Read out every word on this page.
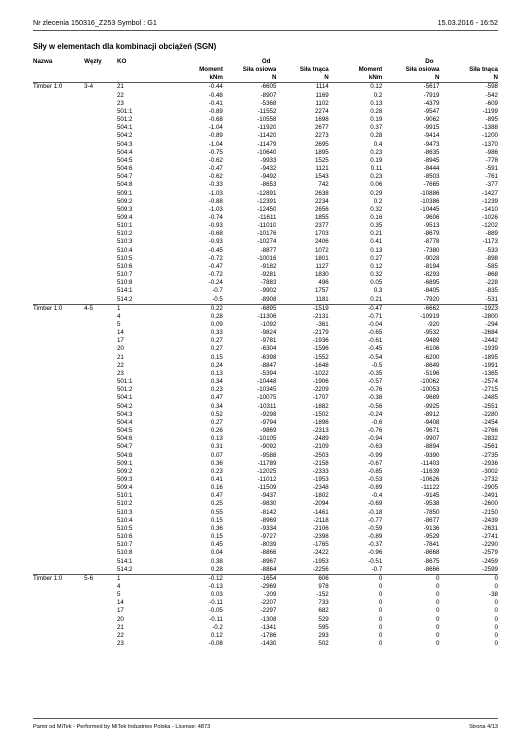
Nr zlecenia 150316_Z253 Symbol : G1	15.03.2016 - 16:52
Siły w elementach dla kombinacji obciążeń (SGN)
Nazwa	Węzły	KO	Od			Do		
			Moment	Siła osiowa	Siła tnąca	Moment	Siła osiowa	Siła tnąca
			kNm	N	N	kNm	N	N
Timber 1:0	3-4	21	-0.44	-6605	1114	0.12	-5617	-598
		22	-0.48	-8907	1169	0.2	-7919	-542
		23	-0.41	-5368	1102	0.13	-4379	-609
		501:1	-0.89	-11552	2274	0.28	-9547	-1199
		501:2	-0.68	-10558	1698	0.19	-9062	-895
		504:1	-1.04	-11920	2677	0.37	-9915	-1388
		504:2	-0.89	-11420	2273	0.28	-9414	-1200
		504:3	-1.04	-11479	2695	0.4	-9473	-1370
		504:4	-0.75	-10640	1895	0.23	-8635	-986
		504:5	-0.62	-9933	1525	0.19	-8945	-778
		504:6	-0.47	-9432	1121	0.11	-8444	-591
		504:7	-0.62	-9492	1543	0.23	-8503	-761
		504:8	-0.33	-8653	742	0.06	-7665	-377
		509:1	-1.03	-12891	2638	0.29	-10886	-1427
		509:2	-0.88	-12391	2234	0.2	-10386	-1239
		509:3	-1.03	-12450	2656	0.32	-10445	-1410
		509:4	-0.74	-11611	1855	0.16	-9606	-1026
		510:1	-0.93	-11010	2377	0.35	-9513	-1202
		510:2	-0.68	-10176	1703	0.21	-8679	-889
		510:3	-0.93	-10274	2406	0.41	-8778	-1173
		510:4	-0.45	-8877	1072	0.13	-7380	-533
		510:5	-0.72	-10016	1801	0.27	-9028	-898
		510:6	-0.47	-9182	1127	0.12	-8194	-585
		510:7	-0.72	-9281	1830	0.32	-8293	-868
		510:8	-0.24	-7883	496	0.05	-6895	-228
		514:1	-0.7	-9902	1757	0.3	-8405	-835
		514:2	-0.5	-8908	1181	0.21	-7920	-531
Timber 1:0	4-5	1	0.22	-6895	-1519	-0.47	-6662	-1923
		4	0.28	-11306	-2131	-0.71	-10919	-2800
		5	0.09	-1092	-361	-0.04	-920	-294
		14	0.33	-9824	-2179	-0.65	-9532	-2684
		17	0.27	-9781	-1936	-0.61	-9489	-2442
		20	0.27	-6304	-1596	-0.45	-6106	-1939
		21	0.15	-6398	-1552	-0.54	-6200	-1895
		22	0.24	-8847	-1648	-0.5	-8649	-1991
		23	0.13	-5394	-1022	-0.35	-5196	-1365
		501:1	0.34	-10448	-1906	-0.57	-10062	-2574
		501:2	0.23	-10345	-2209	-0.76	-10053	-2715
		504:1	0.47	-10075	-1707	-0.38	-9689	-2485
		504:2	0.34	-10311	-1882	-0.56	-9925	-2551
		504:3	0.52	-9298	-1502	-0.24	-8912	-2280
		504:4	0.27	-9794	-1896	-0.6	-9408	-2454
		504:5	0.26	-9869	-2313	-0.76	-9671	-2766
		504:6	0.13	-10105	-2489	-0.94	-9907	-2832
		504:7	0.31	-9092	-2109	-0.63	-8894	-2561
		504:8	0.07	-9588	-2503	-0.99	-9390	-2735
		509:1	0.36	-11789	-2158	-0.67	-11403	-2936
		509:2	0.23	-12025	-2333	-0.85	-11639	-3002
		509:3	0.41	-11012	-1953	-0.53	-10626	-2732
		509:4	0.16	-11509	-2348	-0.89	-11122	-2905
		510:1	0.47	-9437	-1802	-0.4	-9145	-2491
		510:2	0.25	-9830	-2094	-0.69	-9538	-2600
		510:3	0.55	-8142	-1461	-0.18	-7850	-2150
		510:4	0.15	-8969	-2118	-0.77	-8677	-2439
		510:5	0.36	-9334	-2106	-0.59	-9136	-2631
		510:6	0.15	-9727	-2398	-0.89	-9529	-2741
		510:7	0.45	-8039	-1765	-0.37	-7841	-2290
		510:8	0.04	-8866	-2422	-0.96	-8668	-2579
		514:1	0.38	-8967	-1953	-0.51	-8675	-2459
		514:2	0.28	-8864	-2256	-0.7	-8666	-2599
Timber 1:0	5-6	1	-0.12	-1654	606	0	0	0
		4	-0.13	-2969	978	0	0	0
		5	0.03	-209	-152	0	0	-38
		14	-0.11	-2207	733	0	0	0
		17	-0.05	-2297	682	0	0	0
		20	-0.11	-1308	529	0	0	0
		21	-0.2	-1341	595	0	0	0
		22	0.12	-1786	293	0	0	0
		23	-0.08	-1430	502	0	0	0
Pamir od MiTek - Performed by MiTek Industries Polska - License: 4873	Strona 4/13
